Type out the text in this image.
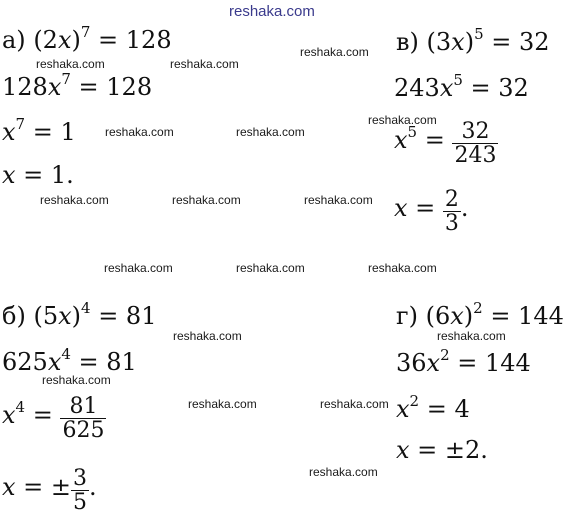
reshaka.com
reshaka.com	reshaka.com
reshaka.com
reshaka.com	reshaka.com
reshaka.com
reshaka.com	reshaka.com	reshaka.com
reshaka.com	reshaka.com	reshaka.com
reshaka.com	reshaka.com
reshaka.com
reshaka.com	reshaka.com
reshaka.com
а) $(2x)^7 = 128$
$128x^7 = 128$
$x^7 = 1$
x = 1.
в) $(3x)^5 = 32$
$243x^5 = 32$
$x^5 = \frac{32}{243}$
$x = \frac{2}{3}$ .
б) $(5x)^4 = 81$
$625x^4 = 81$
$x^4 = \frac{81}{625}$
x = ± $\frac{3}{5}$ .
г) $(6x)^2 = 144$
$36x^2 = 144$
$x^2 = 4$
x = ±2.
